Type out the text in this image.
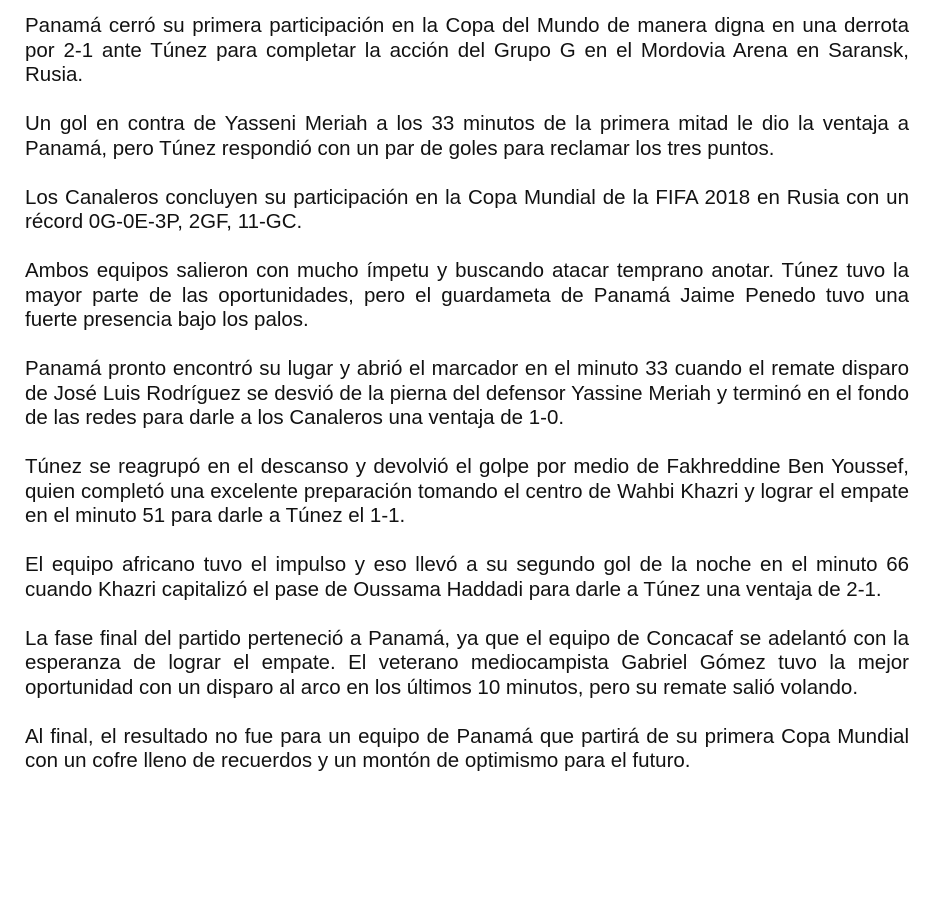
Panamá cerró su primera participación en la Copa del Mundo de manera digna en una derrota por 2-1 ante Túnez para completar la acción del Grupo G en el Mordovia Arena en Saransk, Rusia.

Un gol en contra de Yasseni Meriah a los 33 minutos de la primera mitad le dio la ventaja a Panamá, pero Túnez respondió con un par de goles para reclamar los tres puntos.

Los Canaleros concluyen su participación en la Copa Mundial de la FIFA 2018 en Rusia con un récord 0G-0E-3P, 2GF, 11-GC.

Ambos equipos salieron con mucho ímpetu y buscando atacar temprano anotar. Túnez tuvo la mayor parte de las oportunidades, pero el guardameta de Panamá Jaime Penedo tuvo una fuerte presencia bajo los palos.

Panamá pronto encontró su lugar y abrió el marcador en el minuto 33 cuando el remate disparo de José Luis Rodríguez se desvió de la pierna del defensor Yassine Meriah y terminó en el fondo de las redes para darle a los Canaleros una ventaja de 1-0.

Túnez se reagrupó en el descanso y devolvió el golpe por medio de Fakhreddine Ben Youssef, quien completó una excelente preparación tomando el centro de Wahbi Khazri y lograr el empate en el minuto 51 para darle a Túnez el 1-1.

El equipo africano tuvo el impulso y eso llevó a su segundo gol de la noche en el minuto 66 cuando Khazri capitalizó el pase de Oussama Haddadi para darle a Túnez una ventaja de 2-1.

La fase final del partido perteneció a Panamá, ya que el equipo de Concacaf se adelantó con la esperanza de lograr el empate. El veterano mediocampista Gabriel Gómez tuvo la mejor oportunidad con un disparo al arco en los últimos 10 minutos, pero su remate salió volando.

Al final, el resultado no fue para un equipo de Panamá que partirá de su primera Copa Mundial con un cofre lleno de recuerdos y un montón de optimismo para el futuro.
